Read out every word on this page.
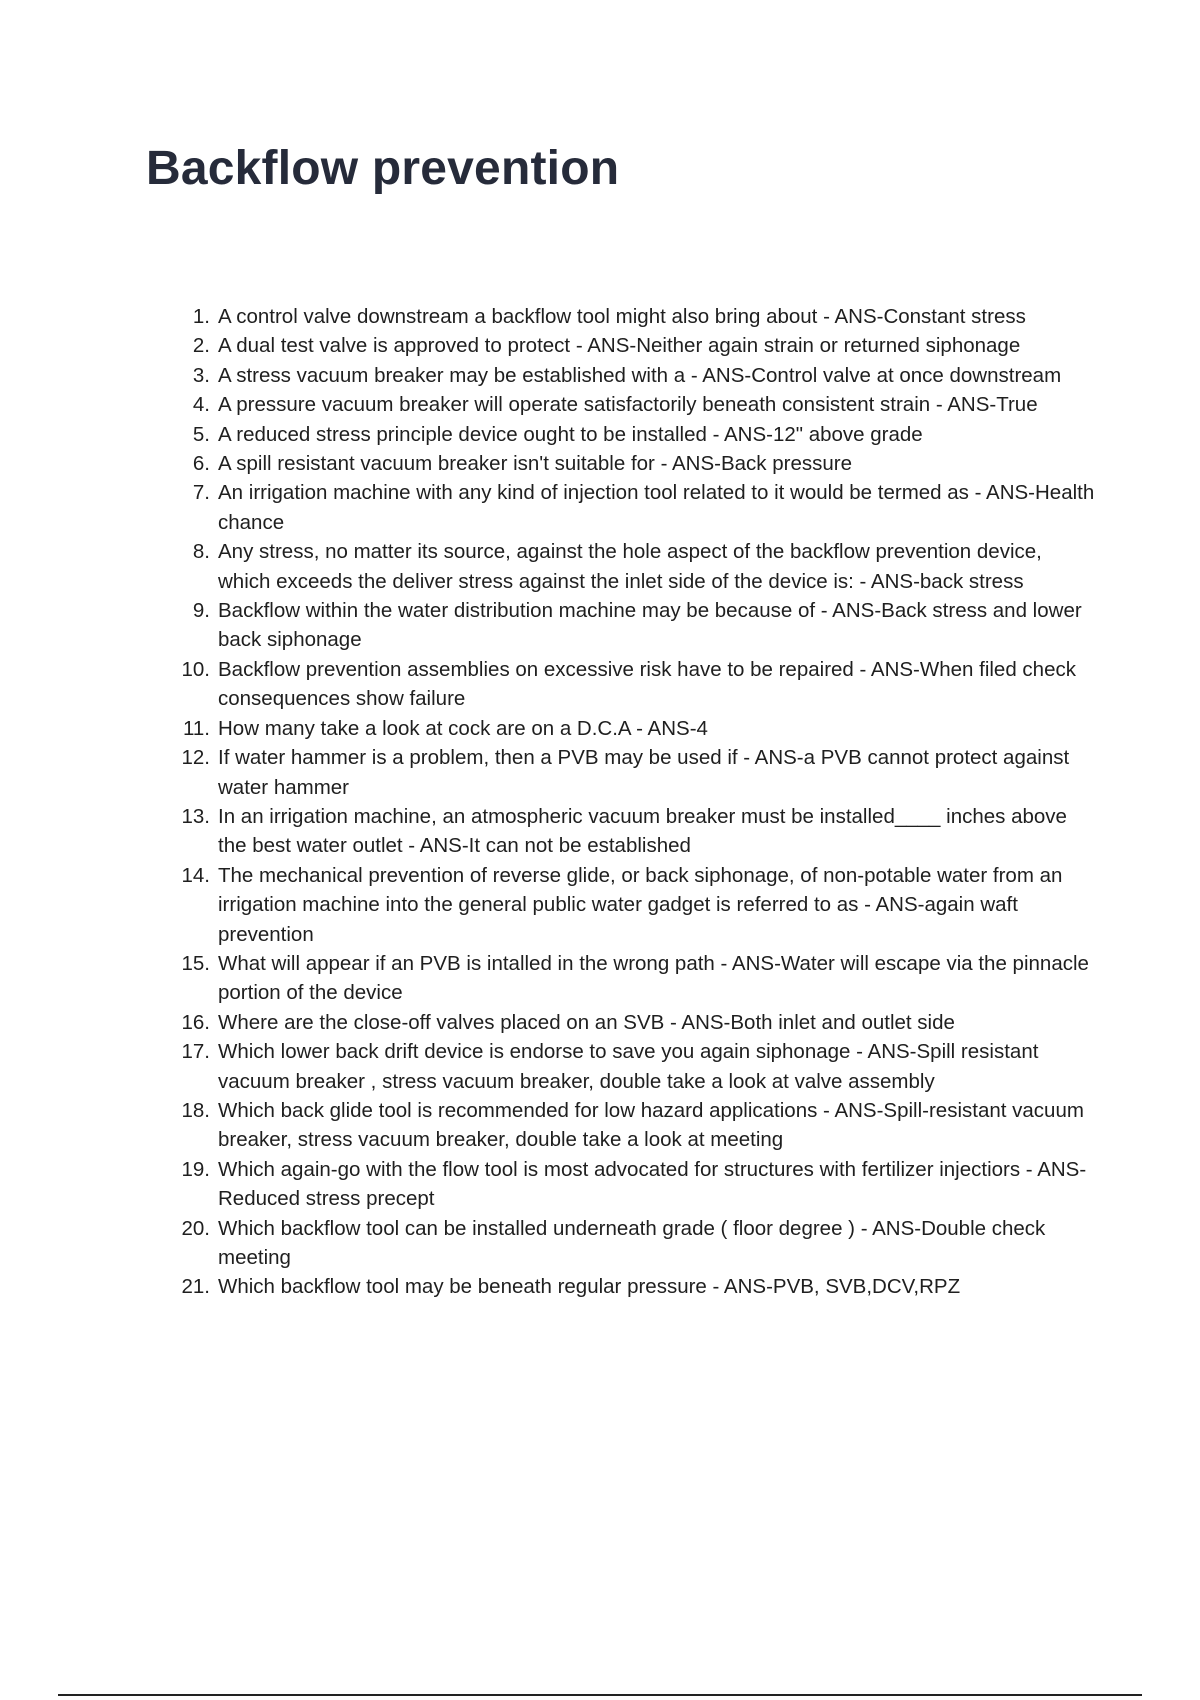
Backflow prevention
1. A control valve downstream a backflow tool might also bring about - ANS-Constant stress
2. A dual test valve is approved to protect - ANS-Neither again strain or returned siphonage
3. A stress vacuum breaker may be established with a - ANS-Control valve at once downstream
4. A pressure vacuum breaker will operate satisfactorily beneath consistent strain - ANS-True
5. A reduced stress principle device ought to be installed - ANS-12" above grade
6. A spill resistant vacuum breaker isn't suitable for - ANS-Back pressure
7. An irrigation machine with any kind of injection tool related to it would be termed as - ANS-Health chance
8. Any stress, no matter its source, against the hole aspect of the backflow prevention device, which exceeds the deliver stress against the inlet side of the device is: - ANS-back stress
9. Backflow within the water distribution machine may be because of - ANS-Back stress and lower back siphonage
10. Backflow prevention assemblies on excessive risk have to be repaired - ANS-When filed check consequences show failure
11. How many take a look at cock are on a D.C.A - ANS-4
12. If water hammer is a problem, then a PVB may be used if - ANS-a PVB cannot protect against water hammer
13. In an irrigation machine, an atmospheric vacuum breaker must be installed____ inches above the best water outlet - ANS-It can not be established
14. The mechanical prevention of reverse glide, or back siphonage, of non-potable water from an irrigation machine into the general public water gadget is referred to as - ANS-again waft prevention
15. What will appear if an PVB is intalled in the wrong path - ANS-Water will escape via the pinnacle portion of the device
16. Where are the close-off valves placed on an SVB - ANS-Both inlet and outlet side
17. Which lower back drift device is endorse to save you again siphonage - ANS-Spill resistant vacuum breaker , stress vacuum breaker, double take a look at valve assembly
18. Which back glide tool is recommended for low hazard applications - ANS-Spill-resistant vacuum breaker, stress vacuum breaker, double take a look at meeting
19. Which again-go with the flow tool is most advocated for structures with fertilizer injectiors - ANS-Reduced stress precept
20. Which backflow tool can be installed underneath grade ( floor degree ) - ANS-Double check meeting
21. Which backflow tool may be beneath regular pressure - ANS-PVB, SVB,DCV,RPZ
